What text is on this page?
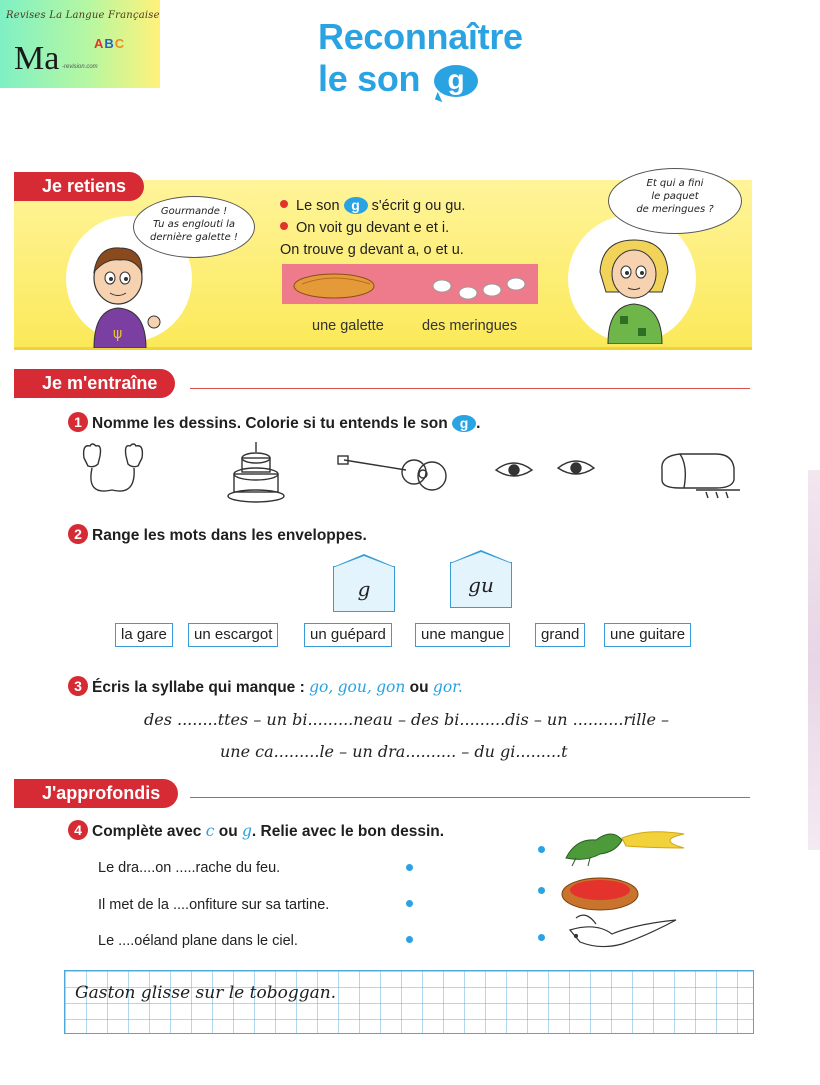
Revises La Langue Française
Ma	ABC
-revision.com
Reconnaître
le son g
Je retiens
ψ
Gourmande !
Tu as englouti la
dernière galette !
Le son g s'écrit g ou gu.
On voit gu devant e et i.
On trouve g devant a, o et u.
une galette	des meringues
Et qui a fini
le paquet
de meringues ?
Je m'entraîne
1 Nomme les dessins. Colorie si tu entends le son g .
2 Range les mots dans les enveloppes.
g	gu
la gare	un escargot	un guépard	une mangue	grand	une guitare
3 Écris la syllabe qui manque : go, gou, gon ou gor.
des ........ttes – un bi.........neau – des bi.........dis – un ..........rille –
une ca.........le – un dra.......... – du gi.........t
J'approfondis
4 Complète avec c ou g. Relie avec le bon dessin.
Le dra....on .....rache du feu.
Il met de la ....onfiture sur sa tartine.
Le ....oéland plane dans le ciel.
Gaston glisse sur le toboggan.
